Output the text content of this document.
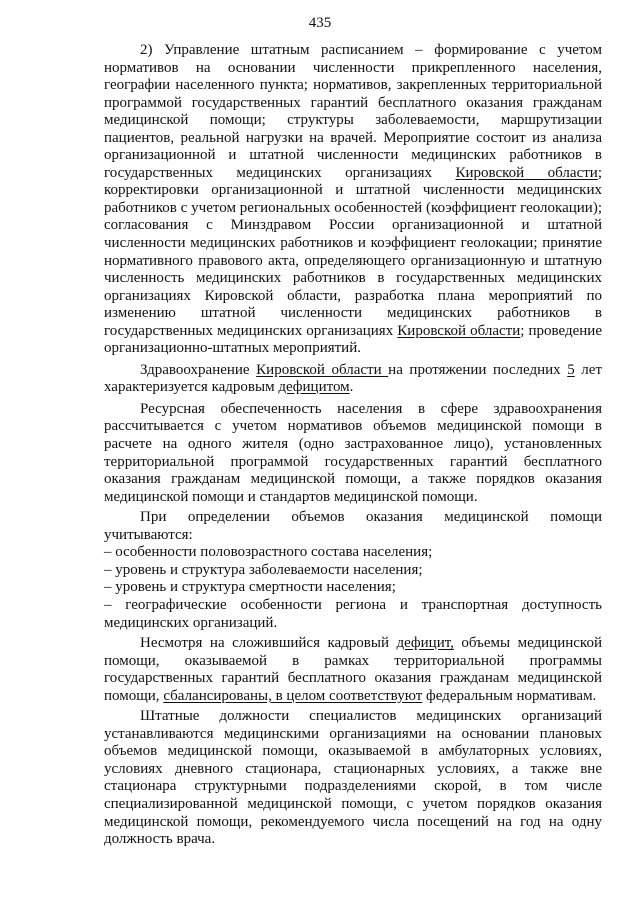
435

2) Управление штатным расписанием – формирование с учетом нормативов на основании численности прикрепленного населения, географии населенного пункта; нормативов, закрепленных территориальной программой государственных гарантий бесплатного оказания гражданам медицинской помощи; структуры заболеваемости, маршрутизации пациентов, реальной нагрузки на врачей. Мероприятие состоит из анализа организационной и штатной численности медицинских работников в государственных медицинских организациях Кировской области; корректировки организационной и штатной численности медицинских работников с учетом региональных особенностей (коэффициент геолокации); согласования с Минздравом России организационной и штатной численности медицинских работников и коэффициент геолокации; принятие нормативного правового акта, определяющего организационную и штатную численность медицинских работников в государственных медицинских организациях Кировской области, разработка плана мероприятий по изменению штатной численности медицинских работников в государственных медицинских организациях Кировской области; проведение организационно-штатных мероприятий.

Здравоохранение Кировской области на протяжении последних 5 лет характеризуется кадровым дефицитом.

Ресурсная обеспеченность населения в сфере здравоохранения рассчитывается с учетом нормативов объемов медицинской помощи в расчете на одного жителя (одно застрахованное лицо), установленных территориальной программой государственных гарантий бесплатного оказания гражданам медицинской помощи, а также порядков оказания медицинской помощи и стандартов медицинской помощи.

При определении объемов оказания медицинской помощи учитываются:

– особенности половозрастного состава населения;

– уровень и структура заболеваемости населения;

– уровень и структура смертности населения;

– географические особенности региона и транспортная доступность медицинских организаций.

Несмотря на сложившийся кадровый дефицит, объемы медицинской помощи, оказываемой в рамках территориальной программы государственных гарантий бесплатного оказания гражданам медицинской помощи, сбалансированы, в целом соответствуют федеральным нормативам.

Штатные должности специалистов медицинских организаций устанавливаются медицинскими организациями на основании плановых объемов медицинской помощи, оказываемой в амбулаторных условиях, условиях дневного стационара, стационарных условиях, а также вне стационара структурными подразделениями скорой, в том числе специализированной медицинской помощи, с учетом порядков оказания медицинской помощи, рекомендуемого числа посещений на год на одну должность врача.
